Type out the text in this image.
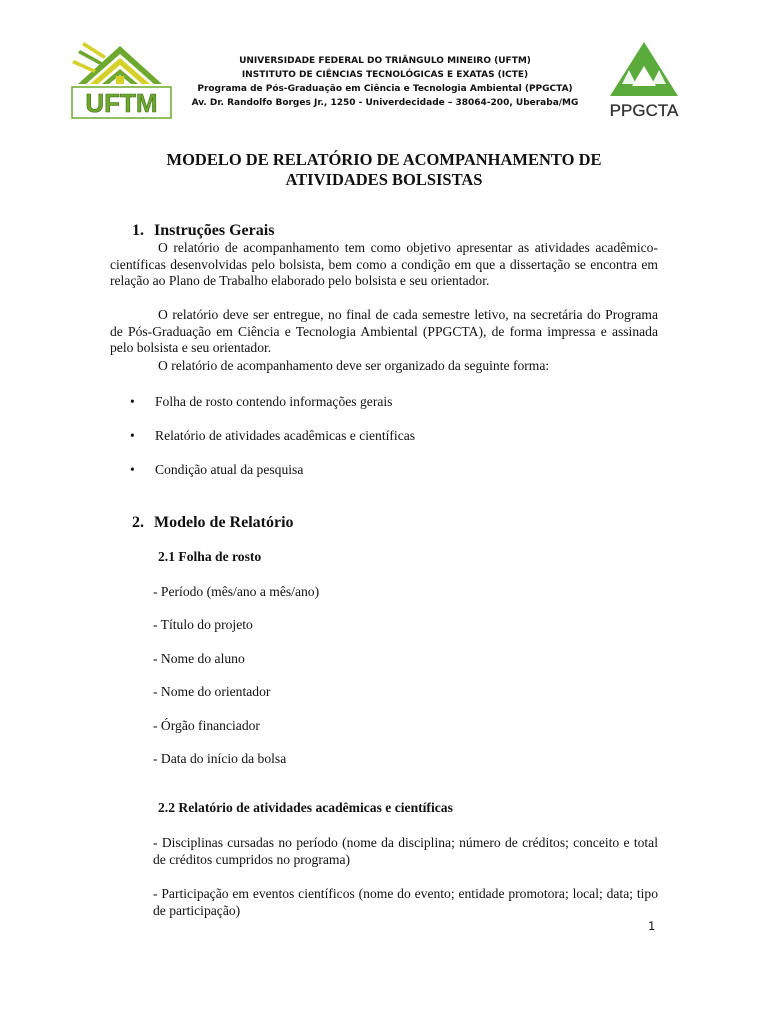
UFTM
UNIVERSIDADE FEDERAL DO TRIÂNGULO MINEIRO (UFTM)
INSTITUTO DE CIÊNCIAS TECNOLÓGICAS E EXATAS (ICTE)
Programa de Pós-Graduação em Ciência e Tecnologia Ambiental (PPGCTA)
Av. Dr. Randolfo Borges Jr., 1250 - Univerdecidade – 38064-200, Uberaba/MG	PPGCTA
MODELO DE RELATÓRIO DE ACOMPANHAMENTO DE
ATIVIDADES BOLSISTAS
1. Instruções Gerais
O relatório de acompanhamento tem como objetivo apresentar as atividades acadêmico-científicas desenvolvidas pelo bolsista, bem como a condição em que a dissertação se encontra em relação ao Plano de Trabalho elaborado pelo bolsista e seu orientador.
O relatório deve ser entregue, no final de cada semestre letivo, na secretária do Programa de Pós-Graduação em Ciência e Tecnologia Ambiental (PPGCTA), de forma impressa e assinada pelo bolsista e seu orientador.
O relatório de acompanhamento deve ser organizado da seguinte forma:
• Folha de rosto contendo informações gerais
• Relatório de atividades acadêmicas e científicas
• Condição atual da pesquisa
2. Modelo de Relatório
2.1 Folha de rosto
- Período (mês/ano a mês/ano)
- Título do projeto
- Nome do aluno
- Nome do orientador
- Órgão financiador
- Data do início da bolsa
2.2 Relatório de atividades acadêmicas e científicas
- Disciplinas cursadas no período (nome da disciplina; número de créditos; conceito e total de créditos cumpridos no programa)
- Participação em eventos científicos (nome do evento; entidade promotora; local; data; tipo de participação)
1
